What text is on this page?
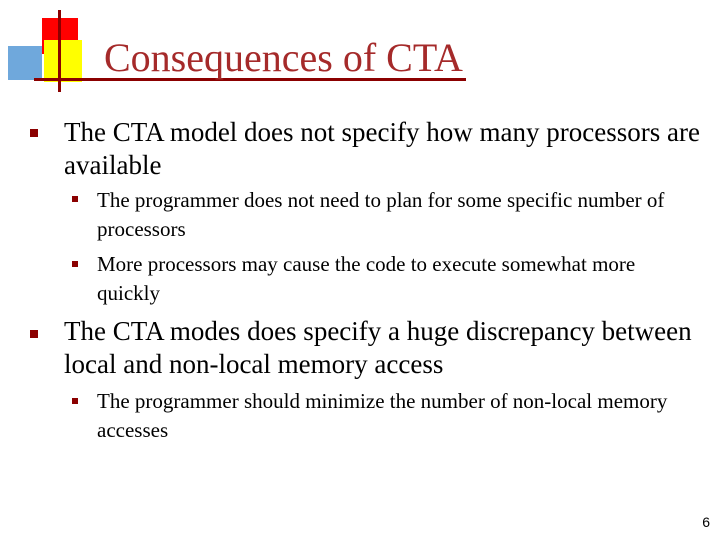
Consequences of CTA
The CTA model does not specify how many processors are available
The programmer does not need to plan for some specific number of processors
More processors may cause the code to execute somewhat more quickly
The CTA modes does specify a huge discrepancy between local and non-local memory access
The programmer should minimize the number of non-local memory accesses
6
